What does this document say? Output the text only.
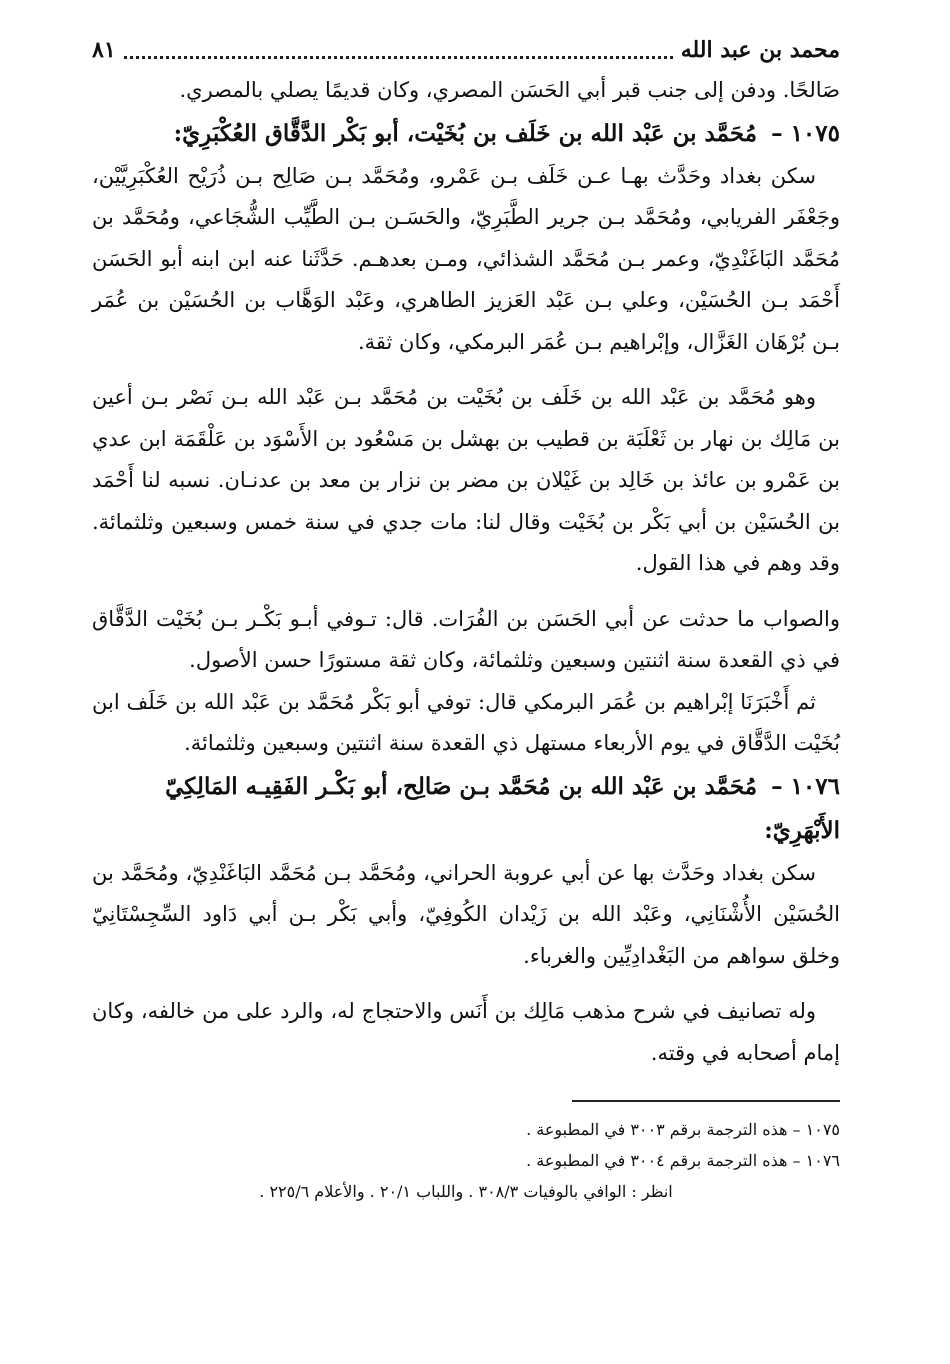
محمد بن عبد الله
٨١

صَالحًا. ودفن إلى جنب قبر أبي الحَسَن المصري، وكان قديمًا يصلي بالمصري.

١٠٧٥ – مُحَمَّد بن عَبْد الله بن خَلَف بن بُخَيْت، أبو بَكْر الدَّقَّاق العُكْبَرِيّ:

سكن بغداد وحَدَّث بهـا عـن خَلَف بـن عَمْرو، ومُحَمَّد بـن صَالِح بـن ذُرَيْح العُكْبَرِيَّيْن، وجَعْفَر الفريابي، ومُحَمَّد بـن جرير الطَّبَرِيّ، والحَسَـن بـن الطَّيِّب الشُّجَاعي، ومُحَمَّد بن مُحَمَّد البَاغَنْدِيّ، وعمر بـن مُحَمَّد الشذائي، ومـن بعدهـم. حَدَّثَنا عنه ابن ابنه أبو الحَسَن أَحْمَد بـن الحُسَيْن، وعلي بـن عَبْد العَزيز الطاهري، وعَبْد الوَهَّاب بن الحُسَيْن بن عُمَر بـن بُرْهَان الغَزَّال، وإبْراهيم بـن عُمَر البرمكي، وكان ثقة.

وهو مُحَمَّد بن عَبْد الله بن خَلَف بن بُخَيْت بن مُحَمَّد بـن عَبْد الله بـن نَصْر بـن أعين بن مَالِك بن نهار بن ثَعْلَبَة بن قطيب بن بهشل بن مَسْعُود بن الأَسْوَد بن عَلْقَمَة ابن عدي بن عَمْرو بن عائذ بن خَالِد بن غَيْلان بن مضر بن نزار بن معد بن عدنـان. نسبه لنا أَحْمَد بن الحُسَيْن بن أبي بَكْر بن بُخَيْت وقال لنا: مات جدي في سنة خمس وسبعين وثلثمائة. وقد وهم في هذا القول.

والصواب ما حدثت عن أبي الحَسَن بن الفُرَات. قال: تـوفي أبـو بَكْـر بـن بُخَيْت الدَّقَّاق في ذي القعدة سنة اثنتين وسبعين وثلثمائة، وكان ثقة مستورًا حسن الأصول.

ثم أَخْبَرَنَا إبْراهيم بن عُمَر البرمكي قال: توفي أبو بَكْر مُحَمَّد بن عَبْد الله بن خَلَف ابن بُخَيْت الدَّقَّاق في يوم الأربعاء مستهل ذي القعدة سنة اثنتين وسبعين وثلثمائة.

١٠٧٦ – مُحَمَّد بن عَبْد الله بن مُحَمَّد بـن صَالِح، أبو بَكْـر الفَقِيـه المَالِكِيّ الأَبْهَرِيّ:

سكن بغداد وحَدَّث بها عن أبي عروبة الحراني، ومُحَمَّد بـن مُحَمَّد البَاغَنْدِيّ، ومُحَمَّد بن الحُسَيْن الأُشْنَانِي، وعَبْد الله بن زَيْدان الكُوفِيّ، وأبي بَكْر بـن أبي دَاود السِّجِسْتَانِيّ وخلق سواهم من البَغْدادِيِّين والغرباء.

وله تصانيف في شرح مذهب مَالِك بن أَنَس والاحتجاج له، والرد على من خالفه، وكان إمام أصحابه في وقته.

١٠٧٥ – هذه الترجمة برقم ٣٠٠٣ في المطبوعة .

١٠٧٦ – هذه الترجمة برقم ٣٠٠٤ في المطبوعة .

انظر : الوافي بالوفيات ٣٠٨/٣ . واللباب ٢٠/١ . والأعلام ٢٢٥/٦ .
